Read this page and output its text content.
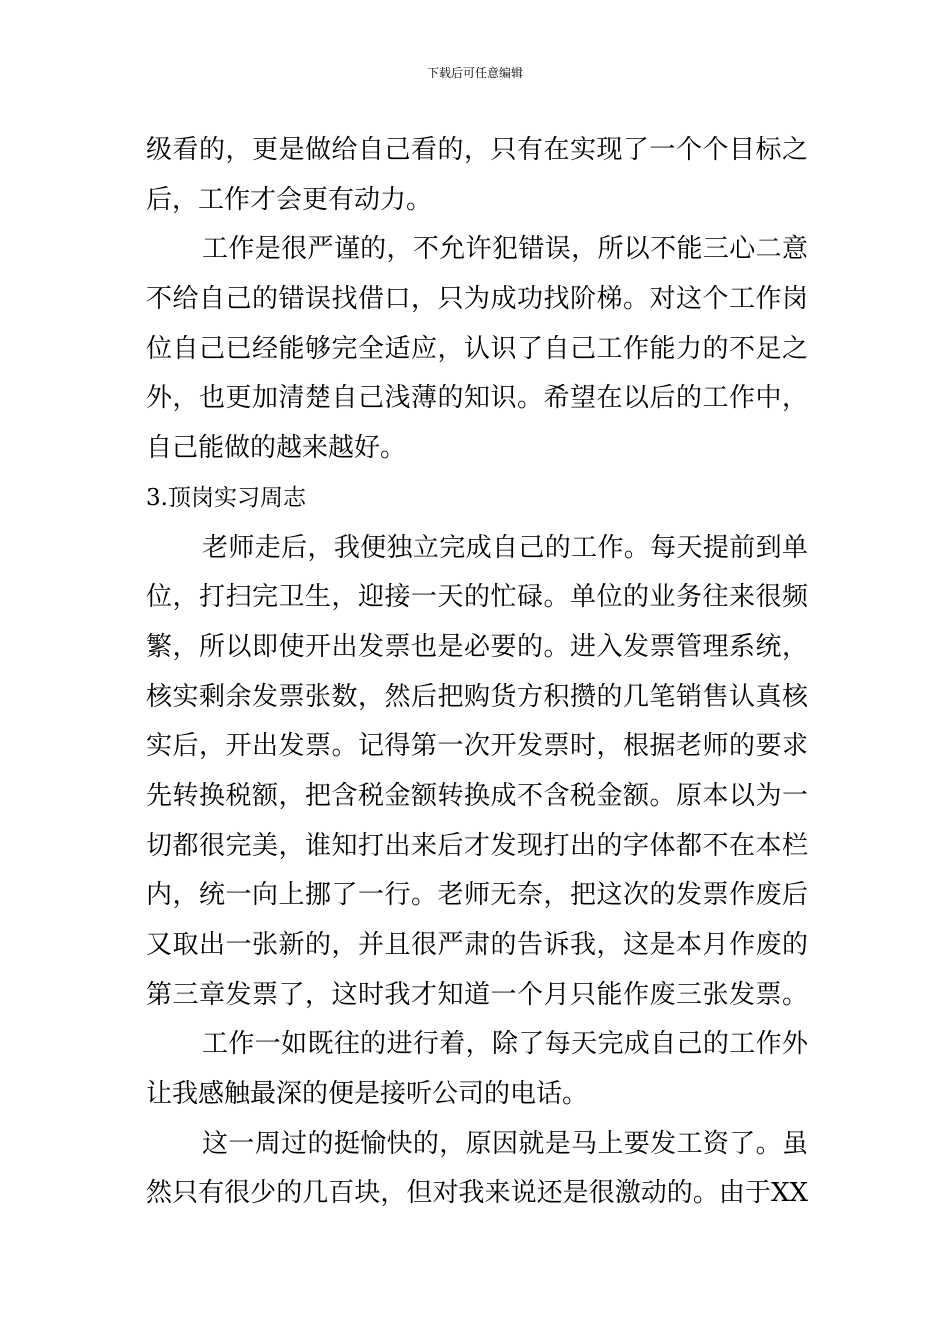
下载后可任意编辑
级看的，更是做给自己看的，只有在实现了一个个目标之
后，工作才会更有动力。
工作是很严谨的，不允许犯错误，所以不能三心二意
不给自己的错误找借口，只为成功找阶梯。对这个工作岗
位自己已经能够完全适应，认识了自己工作能力的不足之
外，也更加清楚自己浅薄的知识。希望在以后的工作中，
自己能做的越来越好。
3.顶岗实习周志
老师走后，我便独立完成自己的工作。每天提前到单
位，打扫完卫生，迎接一天的忙碌。单位的业务往来很频
繁，所以即使开出发票也是必要的。进入发票管理系统，
核实剩余发票张数，然后把购货方积攒的几笔销售认真核
实后，开出发票。记得第一次开发票时，根据老师的要求
先转换税额，把含税金额转换成不含税金额。原本以为一
切都很完美，谁知打出来后才发现打出的字体都不在本栏
内，统一向上挪了一行。老师无奈，把这次的发票作废后
又取出一张新的，并且很严肃的告诉我，这是本月作废的
第三章发票了，这时我才知道一个月只能作废三张发票。
工作一如既往的进行着，除了每天完成自己的工作外
让我感触最深的便是接听公司的电话。
这一周过的挺愉快的，原因就是马上要发工资了。虽
然只有很少的几百块，但对我来说还是很激动的。由于XX
